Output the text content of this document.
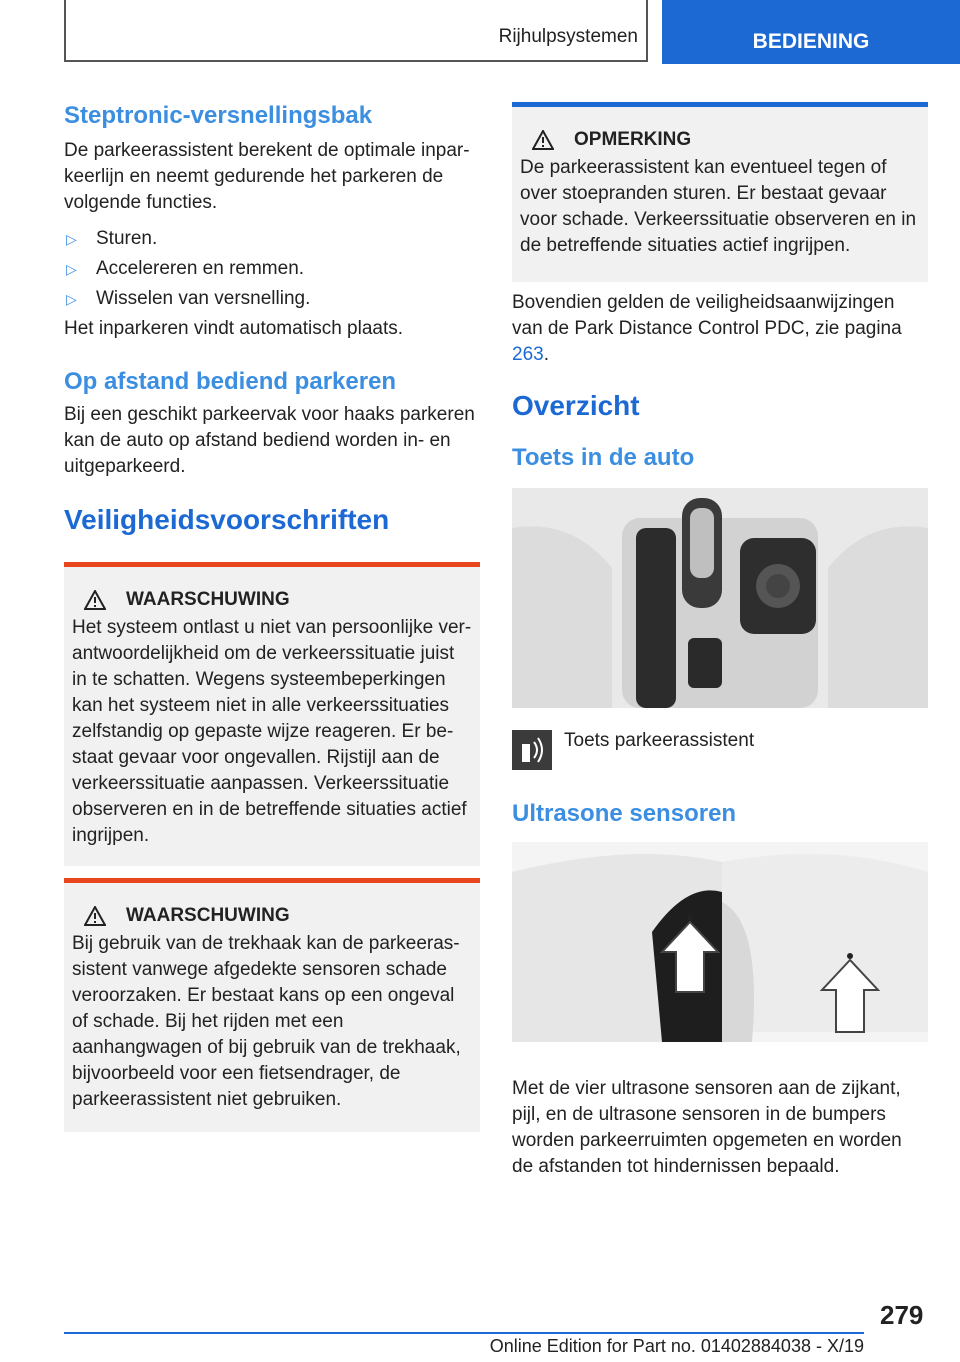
Rijhulpsystemen	BEDIENING
Steptronic-versnellingsbak

De parkeerassistent berekent de optimale inparkeerlijn en neemt gedurende het parkeren de volgende functies.

▷	Sturen.
▷	Accelereren en remmen.
▷	Wisselen van versnelling.

Het inparkeren vindt automatisch plaats.

Op afstand bediend parkeren

Bij een geschikt parkeervak voor haaks parkeren kan de auto op afstand bediend worden in- en uitgeparkeerd.

Veiligheidsvoorschriften
WAARSCHUWING

Het systeem ontlast u niet van persoonlijke verantwoordelijkheid om de verkeerssituatie juist in te schatten. Wegens systeembeperkingen kan het systeem niet in alle verkeerssituaties zelfstandig op gepaste wijze reageren. Er bestaat gevaar voor ongevallen. Rijstijl aan de verkeerssituatie aanpassen. Verkeerssituatie observeren en in de betreffende situaties actief ingrijpen.

WAARSCHUWING

Bij gebruik van de trekhaak kan de parkeerassistent vanwege afgedekte sensoren schade veroorzaken. Er bestaat kans op een ongeval of schade. Bij het rijden met een aanhangwagen of bij gebruik van de trekhaak, bijvoorbeeld voor een fietsendrager, de parkeerassistent niet gebruiken.

OPMERKING

De parkeerassistent kan eventueel tegen of over stoepranden sturen. Er bestaat gevaar voor schade. Verkeerssituatie observeren en in de betreffende situaties actief ingrijpen.

Bovendien gelden de veiligheidsaanwijzingen van de Park Distance Control PDC, zie pagina 263.

Overzicht
Toets in de auto
Toets parkeerassistent
Ultrasone sensoren

Met de vier ultrasone sensoren aan de zijkant, pijl, en de ultrasone sensoren in de bumpers worden parkeerruimten opgemeten en worden de afstanden tot hindernissen bepaald.

279
Online Edition for Part no. 01402884038 - X/19
